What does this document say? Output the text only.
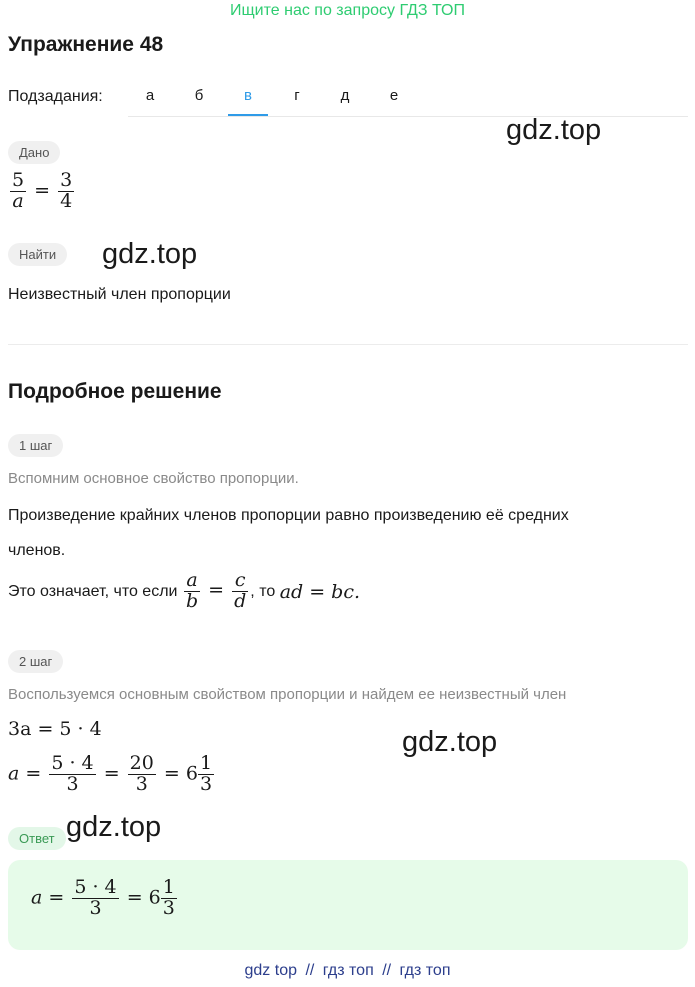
Ищите нас по запросу ГДЗ ТОП
Упражнение 48
Подзадания:	а	б	в	г	д	е
gdz.top
Дано
$\frac{5}{a} = \frac{3}{4}$
Найти	gdz.top
Неизвестный член пропорции
Подробное решение
1 шаг
Вспомним основное свойство пропорции.
Произведение крайних членов пропорции равно произведению её средних
членов.
Это означает, что если $\frac{a}{b} = \frac{c}{d}$ , то ad = bc.
2 шаг
Воспользуемся основным свойством пропорции и найдем ее неизвестный член
3a = 5 · 4	gdz.top
$a = \frac{5 \cdot 4}{3} = \frac{20}{3} = 6 \frac{1}{3}$
Ответ gdz.top
$a = \frac{5 \cdot 4}{3} = 6 \frac{1}{3}$
gdz top // гдз топ // гдз топ
